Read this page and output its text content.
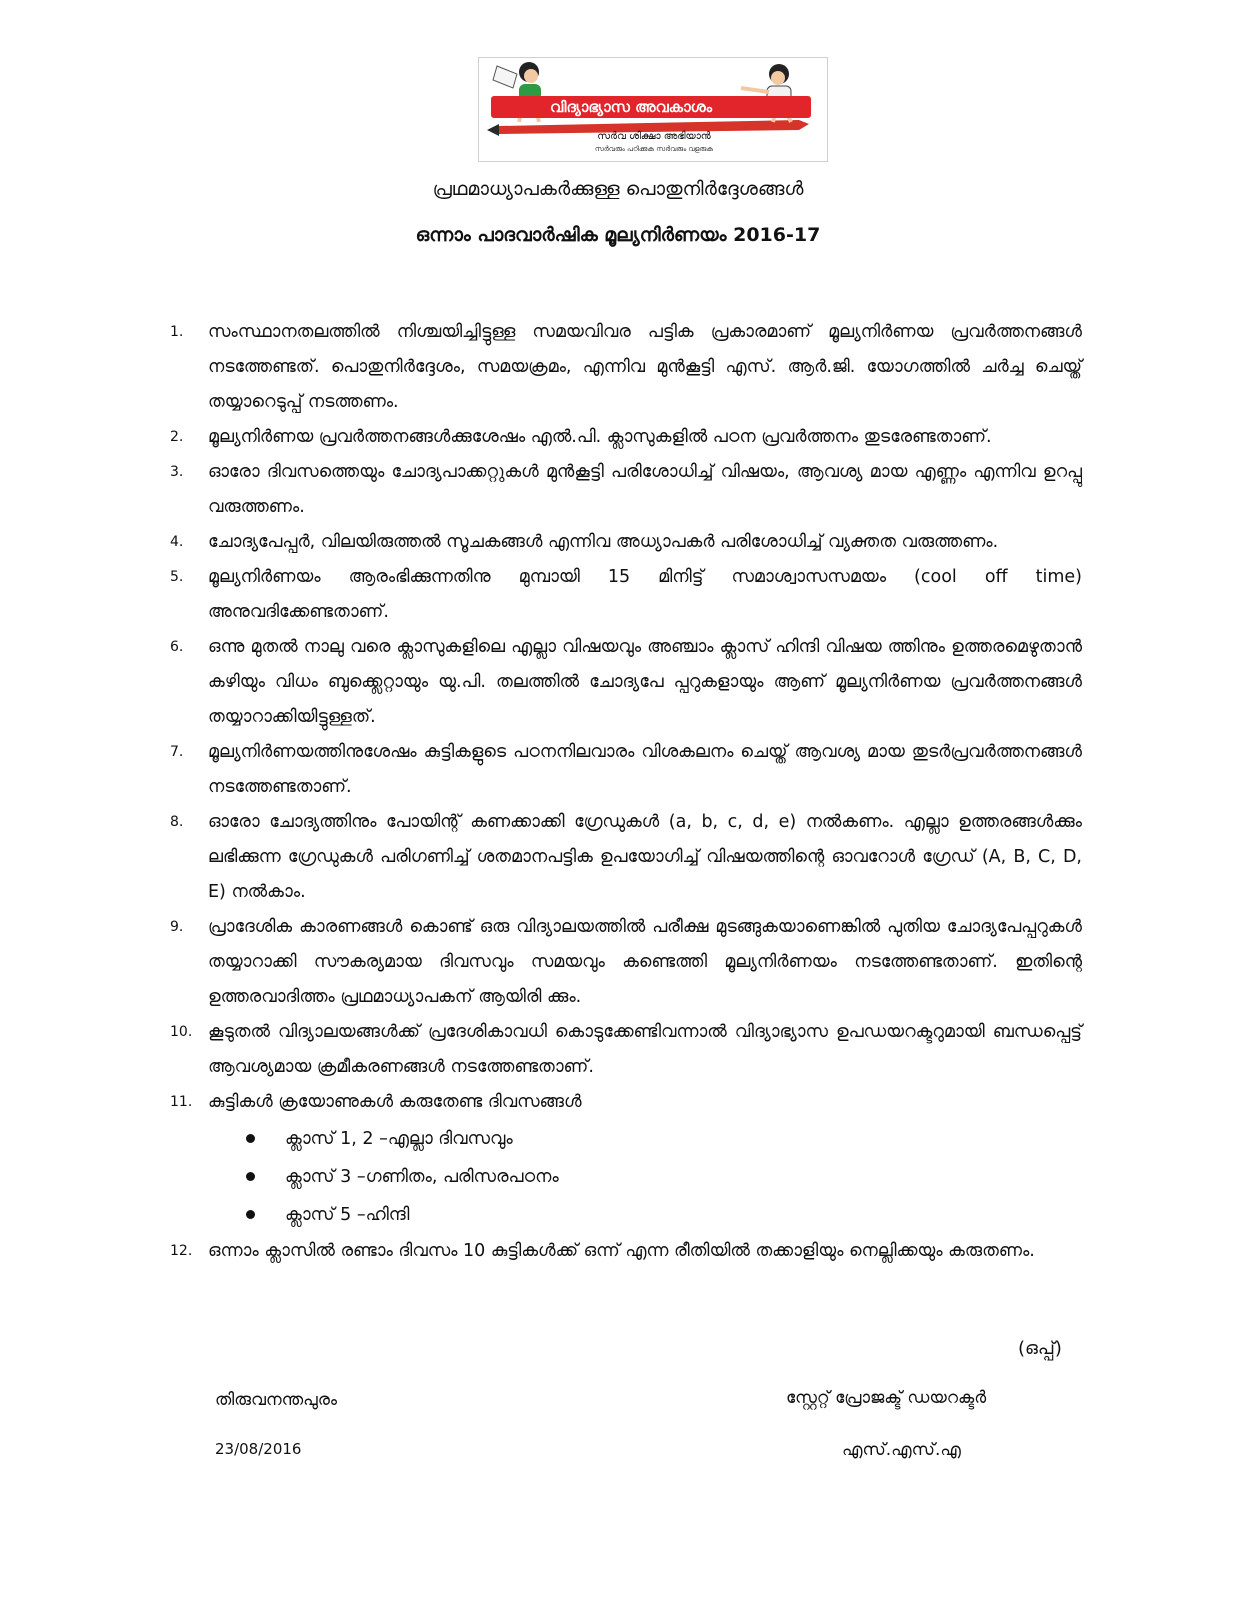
വിദ്യാഭ്യാസ അവകാശം
സർവ ശിക്ഷാ അഭിയാൻ
സർവരും പഠിക്കുക സർവരും വളരുക
പ്രഥമാധ്യാപകർക്കുള്ള പൊതുനിർദ്ദേശങ്ങൾ
ഒന്നാം പാദവാർഷിക മൂല്യനിർണയം 2016-17
1. സംസ്ഥാനതലത്തിൽ നിശ്ചയിച്ചിട്ടുള്ള സമയവിവര പട്ടിക പ്രകാരമാണ് മൂല്യനിർണയ പ്രവർത്തനങ്ങൾ നടത്തേണ്ടത്. പൊതുനിർദ്ദേശം, സമയക്രമം, എന്നിവ മുൻകൂട്ടി എസ്. ആർ.ജി. യോഗത്തിൽ ചർച്ച ചെയ്ത് തയ്യാറെടുപ്പ് നടത്തണം.
2. മൂല്യനിർണയ പ്രവർത്തനങ്ങൾക്കുശേഷം എൽ.പി. ക്ലാസുകളിൽ പഠന പ്രവർത്തനം തുടരേണ്ടതാണ്.
3. ഓരോ ദിവസത്തെയും ചോദ്യപാക്കറ്റുകൾ മുൻകൂട്ടി പരിശോധിച്ച് വിഷയം, ആവശ്യ മായ എണ്ണം എന്നിവ ഉറപ്പു വരുത്തണം.
4. ചോദ്യപേപ്പർ, വിലയിരുത്തൽ സൂചകങ്ങൾ എന്നിവ അധ്യാപകർ പരിശോധിച്ച് വ്യക്തത വരുത്തണം.
5. മൂല്യനിർണയം ആരംഭിക്കുന്നതിനു മുമ്പായി 15 മിനിട്ട് സമാശ്വാസസമയം (cool off time) അനുവദിക്കേണ്ടതാണ്.
6. ഒന്നു മുതൽ നാലു വരെ ക്ലാസുകളിലെ എല്ലാ വിഷയവും അഞ്ചാം ക്ലാസ് ഹിന്ദി വിഷയ ത്തിനും ഉത്തരമെഴുതാൻ കഴിയും വിധം ബുക്ക്ലെറ്റായും യു.പി. തലത്തിൽ ചോദ്യപേ പ്പറുകളായും ആണ് മൂല്യനിർണയ പ്രവർത്തനങ്ങൾ തയ്യാറാക്കിയിട്ടുള്ളത്.
7. മൂല്യനിർണയത്തിനുശേഷം കുട്ടികളുടെ പഠനനിലവാരം വിശകലനം ചെയ്ത് ആവശ്യ മായ തുടർപ്രവർത്തനങ്ങൾ നടത്തേണ്ടതാണ്.
8. ഓരോ ചോദ്യത്തിനും പോയിന്റ് കണക്കാക്കി ഗ്രേഡുകൾ (a, b, c, d, e) നൽകണം. എല്ലാ ഉത്തരങ്ങൾക്കും ലഭിക്കുന്ന ഗ്രേഡുകൾ പരിഗണിച്ച് ശതമാനപട്ടിക ഉപയോഗിച്ച് വിഷയത്തിന്റെ ഓവറോൾ ഗ്രേഡ് (A, B, C, D, E) നൽകാം.
9. പ്രാദേശിക കാരണങ്ങൾ കൊണ്ട് ഒരു വിദ്യാലയത്തിൽ പരീക്ഷ മുടങ്ങുകയാണെങ്കിൽ പുതിയ ചോദ്യപേപ്പറുകൾ തയ്യാറാക്കി സൗകര്യമായ ദിവസവും സമയവും കണ്ടെത്തി മൂല്യനിർണയം നടത്തേണ്ടതാണ്. ഇതിന്റെ ഉത്തരവാദിത്തം പ്രഥമാധ്യാപകന് ആയിരി ക്കും.
10. കൂടുതൽ വിദ്യാലയങ്ങൾക്ക് പ്രദേശികാവധി കൊടുക്കേണ്ടിവന്നാൽ വിദ്യാഭ്യാസ ഉപഡയറക്ടറുമായി ബന്ധപ്പെട്ട് ആവശ്യമായ ക്രമീകരണങ്ങൾ നടത്തേണ്ടതാണ്.
11. കുട്ടികൾ ക്രയോണുകൾ കരുതേണ്ട ദിവസങ്ങൾ
ക്ലാസ് 1, 2 –എല്ലാ ദിവസവും
ക്ലാസ് 3 –ഗണിതം, പരിസരപഠനം
ക്ലാസ് 5 –ഹിന്ദി
12. ഒന്നാം ക്ലാസിൽ രണ്ടാം ദിവസം 10 കുട്ടികൾക്ക് ഒന്ന് എന്ന രീതിയിൽ തക്കാളിയും നെല്ലിക്കയും കരുതണം.
(ഒപ്പ്)
തിരുവനന്തപുരം	സ്റ്റേറ്റ് പ്രോജക്ട് ഡയറക്ടർ
23/08/2016	എസ്.എസ്.എ
